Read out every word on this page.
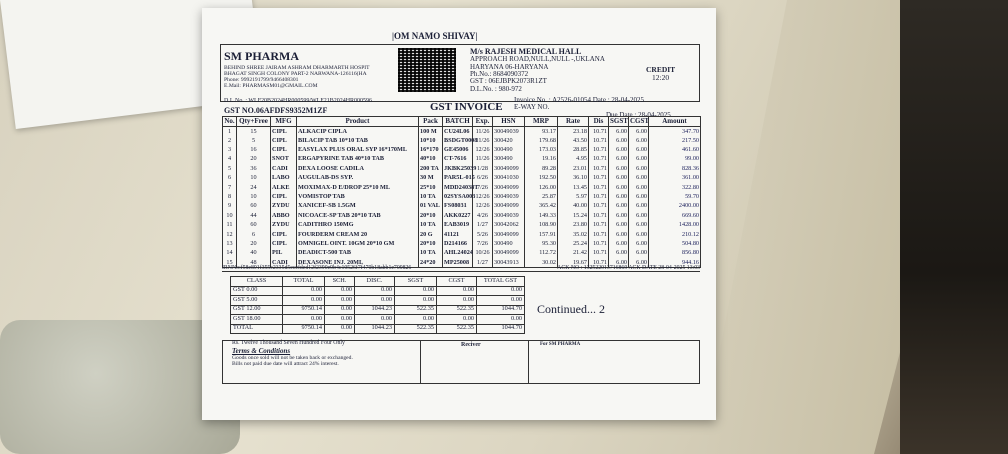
|OM NAMO SHIVAY|
SM PHARMA
BEHIND SHREE JAIRAM ASHRAM DHARMARTH HOSPIT
BHAGAT SINGH COLONY PART-2 NARWANA-126116(HA
Phone: 9992191799/9466408301
E.Mail: PHARMASM01@GMAIL.COM
M/s RAJESH MEDICAL HALL
APPROACH ROAD,NULL,NULL -,UKLANA
HARYANA 06-HARYANA
Ph.No.: 8684090372
GST : 06EJBPK2073R1ZT
D.L.No. : 980-972
CREDIT
12:20
D.L.No. : WLF20B2024HR000599/WLF21B2024HR000596
GST NO.06AFDFS9352M1ZF	GST INVOICE
Invoice No. : A2526-01054 Date : 28-04-2025
E-WAY NO.
Due Date : 28-04-2025
No.	Qty+Free	MFG	Product	Pack	BATCH	Exp.	HSN	MRP	Rate	Dis	SGST	CGST	Amount
1	15	CIPL	ALKACIP CIPLA	100 M	CU24L06	11/26	30049039	93.17	23.18	10.71	6.00	6.00	347.70
2	5	CIPL	BILACIP TAB 10*10 TAB	10*10	BSDGT0008	11/26	300420	179.68	43.50	10.71	6.00	6.00	217.50
3	16	CIPL	EASYLAX PLUS ORAL SYP 16*170ML	16*170	GE45006	12/26	300490	173.03	28.85	10.71	6.00	6.00	461.60
4	20	SNOT	ERGAPYRINE TAB 40*10 TAB	40*10	CT-7616	11/26	300490	19.16	4.95	10.71	6.00	6.00	99.00
5	36	CADI	DEXA LOOSE CADILA	200 TA	JKBK25039	1/28	30049099	89.28	23.01	10.71	6.00	6.00	828.36
6	10	LABO	AUGULAB-DS SYP.	30 M	PAR5L-015	6/26	30041030	192.50	36.10	10.71	6.00	6.00	361.00
7	24	ALKE	MOXIMAX-D E/DROP 25*10 ML	25*10	MDD24038T	7/26	30049099	126.00	13.45	10.71	6.00	6.00	322.80
8	10	CIPL	VOMISTOP TAB	10 TA	02SYSA003	12/26	30049039	25.87	5.97	10.71	6.00	6.00	59.70
9	60	ZYDU	XANICEF-SB 1.5GM	01 VAL	FS08031	12/26	30049099	365.42	40.00	10.71	6.00	6.00	2400.00
10	44	ABBO	NICOACE-SP TAB 20*10 TAB	20*10	AKK0227	4/26	30049039	149.33	15.24	10.71	6.00	6.00	669.60
11	60	ZYDU	CADITHRO 150MG	10 TA	EAB3019	1/27	30042062	108.90	23.80	10.71	6.00	6.00	1428.00
12	6	CIPL	FOURDERM CREAM 20	20 G	41121	5/26	30049099	157.91	35.02	10.71	6.00	6.00	210.12
13	20	CIPL	OMNIGEL OINT. 10GM 20*10 GM	20*10	D214166	7/26	300490	95.30	25.24	10.71	6.00	6.00	504.80
14	40	PIL	DEADICT-500 TAB	10 TA	AHL24024	10/26	30049099	112.72	21.42	10.71	6.00	6.00	856.80
15	48	CADI	DEXASONE INJ. 20ML	24*20	MP25008	1/27	30043913	30.02	19.67	10.71	6.00	6.00	944.16
IRNNo:f58e891f355c2335d5ecefded12f2390e9b4c10526f7f470b18abb1e709826	ACK NO : 132522013716869 ACK DATE 28-04-2025 13:03
CLASS	TOTAL	SCH.	DISC.	SGST	CGST	TOTAL GST
GST 0.00	0.00	0.00	0.00	0.00	0.00	0.00
GST 5.00	0.00	0.00	0.00	0.00	0.00	0.00
GST 12.00	9750.14	0.00	1044.23	522.35	522.35	1044.70
GST 18.00	0.00	0.00	0.00	0.00	0.00	0.00
TOTAL	9750.14	0.00	1044.23	522.35	522.35	1044.70
Continued... 2
Rs. Twelve Thousand Seven Hundred Four Only
Terms & Conditions
Goods once sold will not be taken back or exchanged.
Bills not paid due date will attract 24% interest.
Reciver	For SM PHARMA
